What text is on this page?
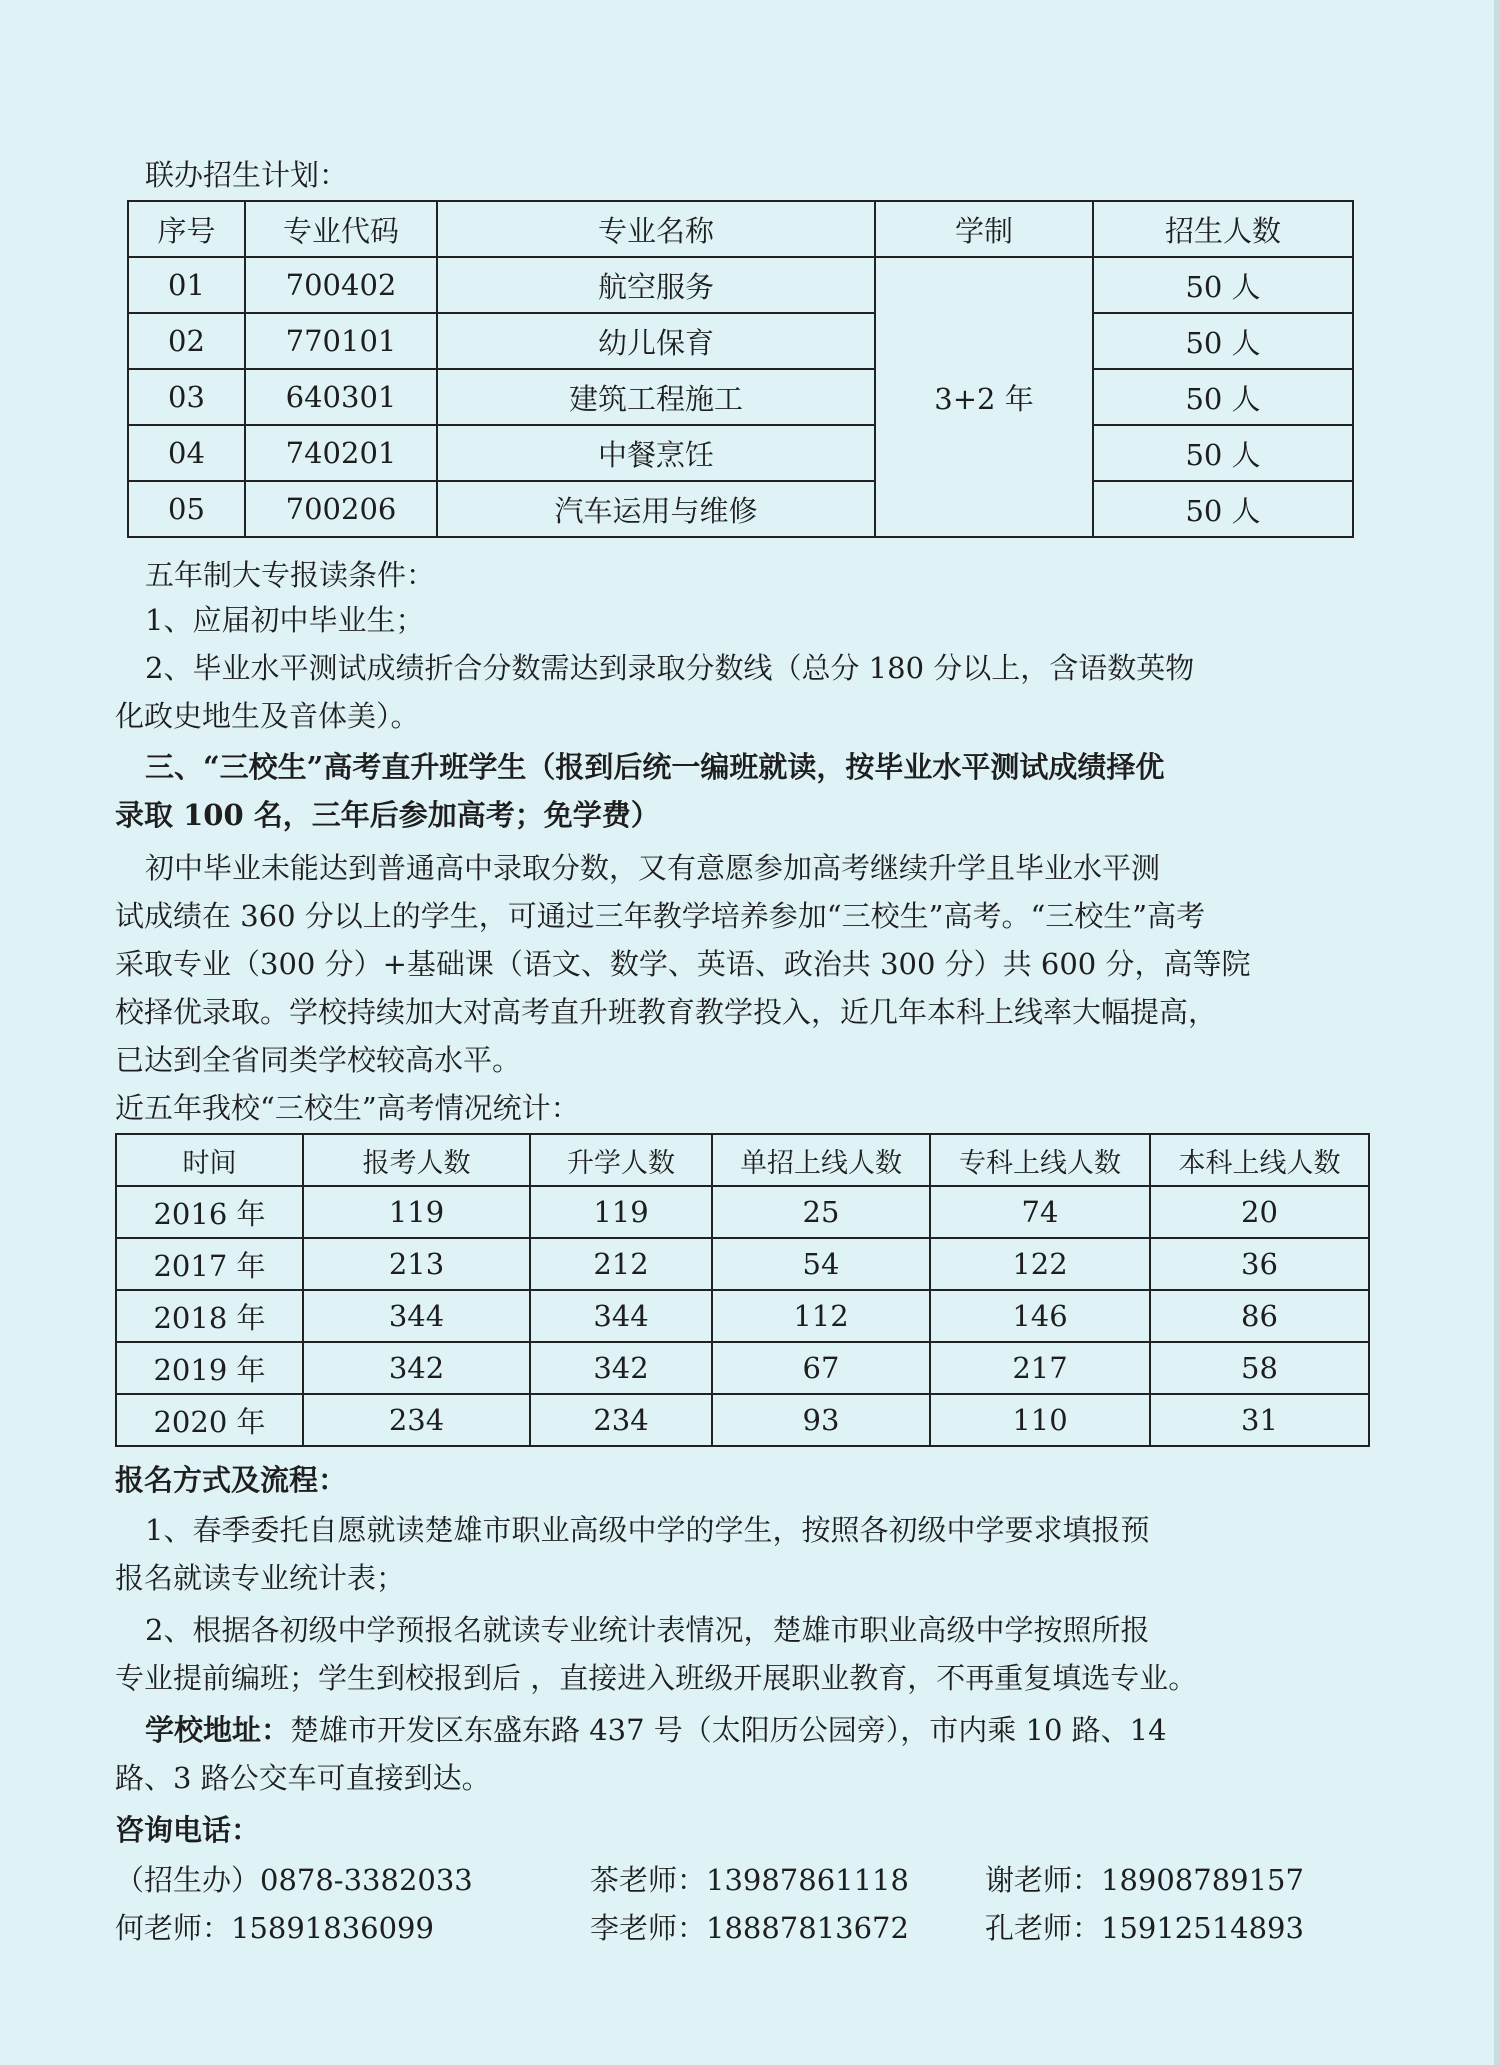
联办招生计划：
序号	专业代码	专业名称	学制	招生人数
01	700402	航空服务	3+2 年	50 人
02	770101	幼儿保育		50 人
03	640301	建筑工程施工		50 人
04	740201	中餐烹饪		50 人
05	700206	汽车运用与维修		50 人
五年制大专报读条件：
1、应届初中毕业生；
2、毕业水平测试成绩折合分数需达到录取分数线（总分 180 分以上，含语数英物
化政史地生及音体美）。
三、“三校生”高考直升班学生（报到后统一编班就读，按毕业水平测试成绩择优
录取 100 名，三年后参加高考；免学费）
初中毕业未能达到普通高中录取分数，又有意愿参加高考继续升学且毕业水平测
试成绩在 360 分以上的学生，可通过三年教学培养参加“三校生”高考。“三校生”高考
采取专业（300 分）+基础课（语文、数学、英语、政治共 300 分）共 600 分，高等院
校择优录取。学校持续加大对高考直升班教育教学投入，近几年本科上线率大幅提高，
已达到全省同类学校较高水平。
近五年我校“三校生”高考情况统计：
时间	报考人数	升学人数	单招上线人数	专科上线人数	本科上线人数
2016 年	119	119	25	74	20
2017 年	213	212	54	122	36
2018 年	344	344	112	146	86
2019 年	342	342	67	217	58
2020 年	234	234	93	110	31
报名方式及流程：
1、春季委托自愿就读楚雄市职业高级中学的学生，按照各初级中学要求填报预
报名就读专业统计表；
2、根据各初级中学预报名就读专业统计表情况，楚雄市职业高级中学按照所报
专业提前编班；学生到校报到后 ，直接进入班级开展职业教育，不再重复填选专业。
学校地址：楚雄市开发区东盛东路 437 号（太阳历公园旁），市内乘 10 路、14
路、3 路公交车可直接到达。
咨询电话：
（招生办）0878-3382033	茶老师：13987861118	谢老师：18908789157
何老师：15891836099	李老师：18887813672	孔老师：15912514893
